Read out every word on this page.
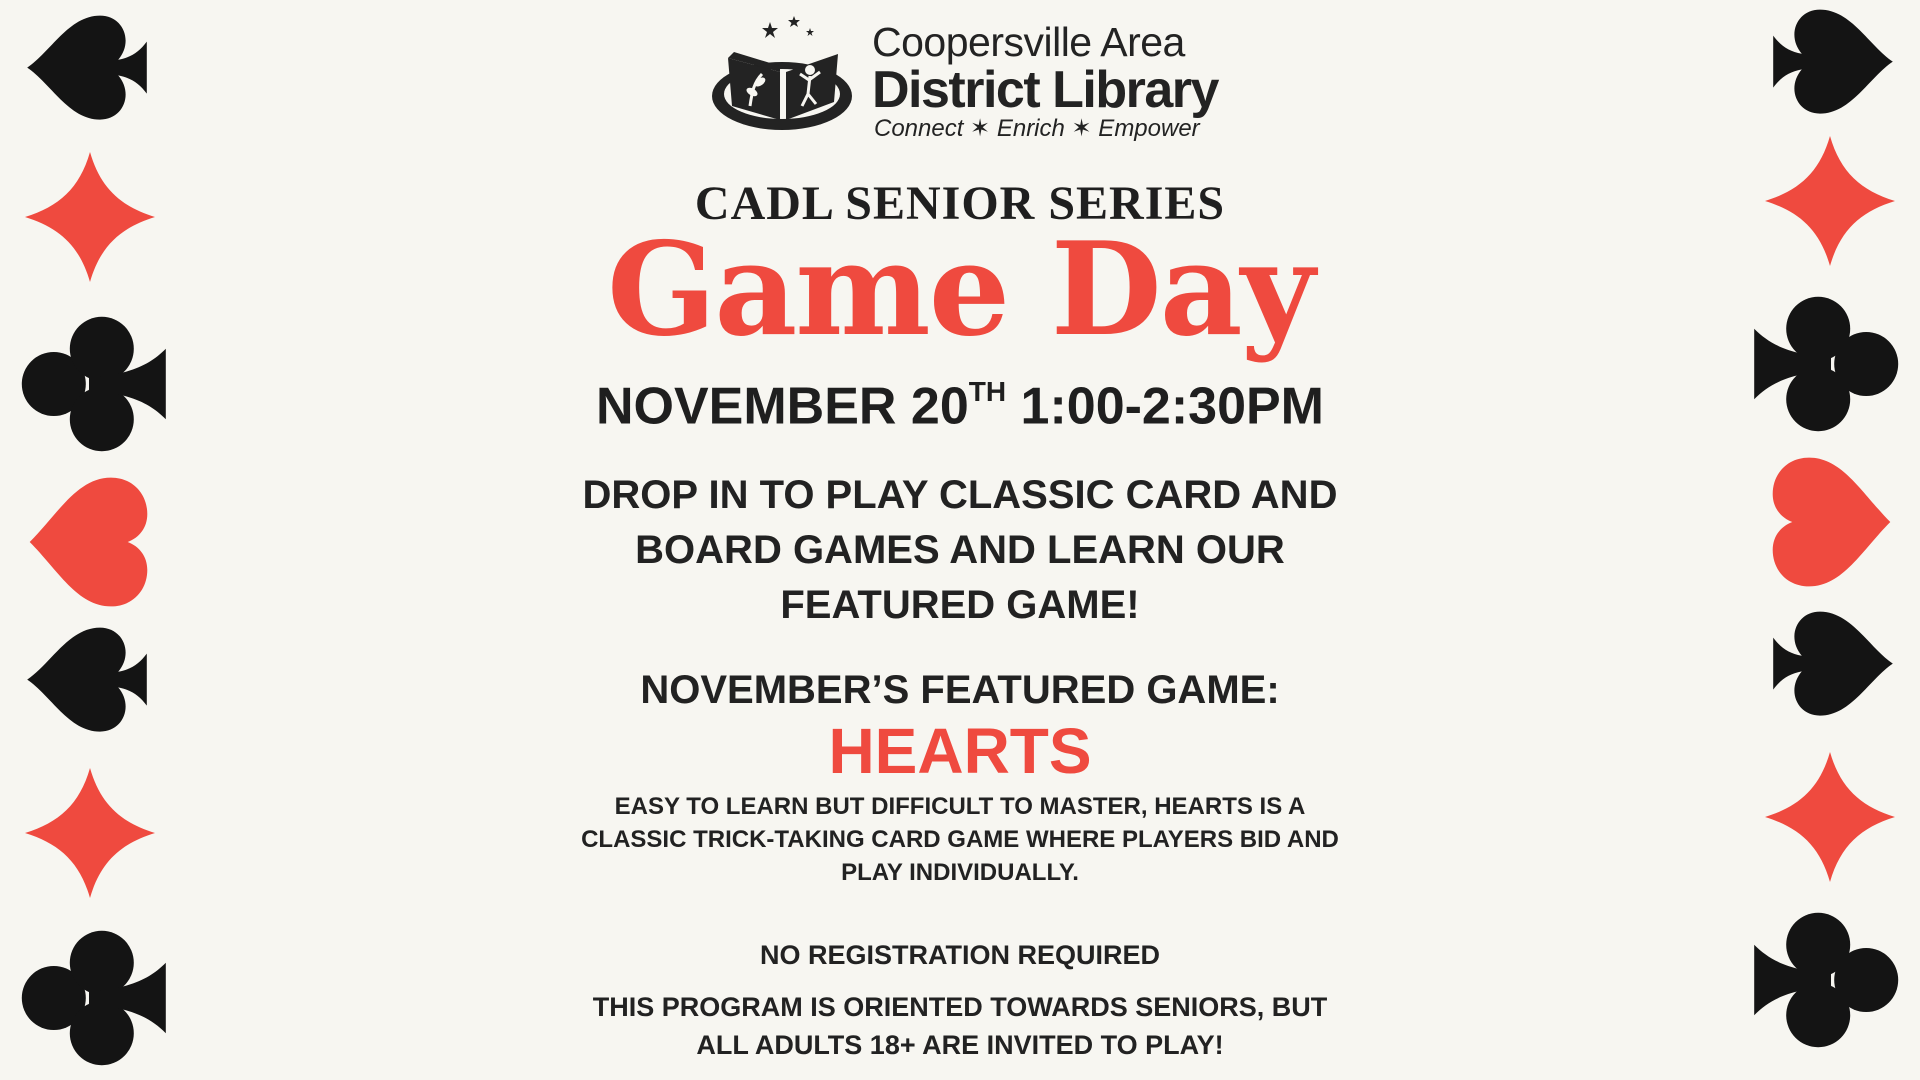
Coopersville Area
District Library
Connect ✶ Enrich ✶ Empower
CADL SENIOR SERIES
Game Day
NOVEMBER 20TH 1:00-2:30PM
DROP IN TO PLAY CLASSIC CARD AND BOARD GAMES AND LEARN OUR FEATURED GAME!
NOVEMBER’S FEATURED GAME:
HEARTS
EASY TO LEARN BUT DIFFICULT TO MASTER, HEARTS IS A CLASSIC TRICK-TAKING CARD GAME WHERE PLAYERS BID AND PLAY INDIVIDUALLY.
NO REGISTRATION REQUIRED
THIS PROGRAM IS ORIENTED TOWARDS SENIORS, BUT ALL ADULTS 18+ ARE INVITED TO PLAY!
